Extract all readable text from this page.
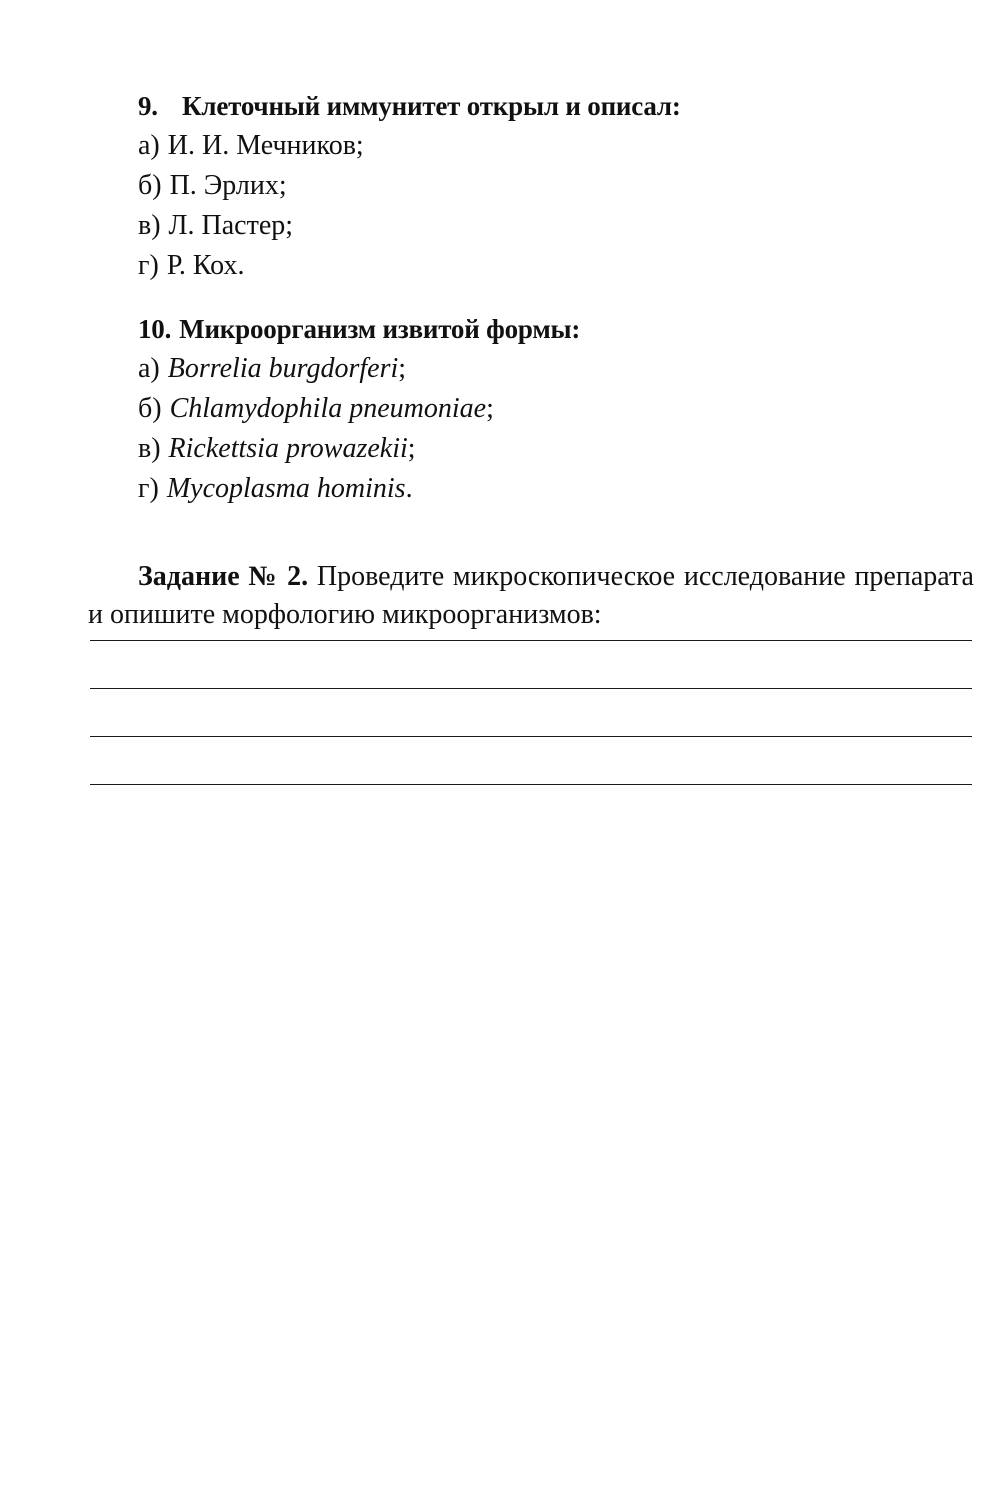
9. Клеточный иммунитет открыл и описал:
а) И. И. Мечников;
б) П. Эрлих;
в) Л. Пастер;
г) Р. Кох.
10. Микроорганизм извитой формы:
а) Borrelia burgdorferi;
б) Chlamydophila pneumoniae;
в) Rickettsia prowazekii;
г) Mycoplasma hominis.

Задание № 2. Проведите микроскопическое исследование препарата и опишите морфологию микроорганизмов:
